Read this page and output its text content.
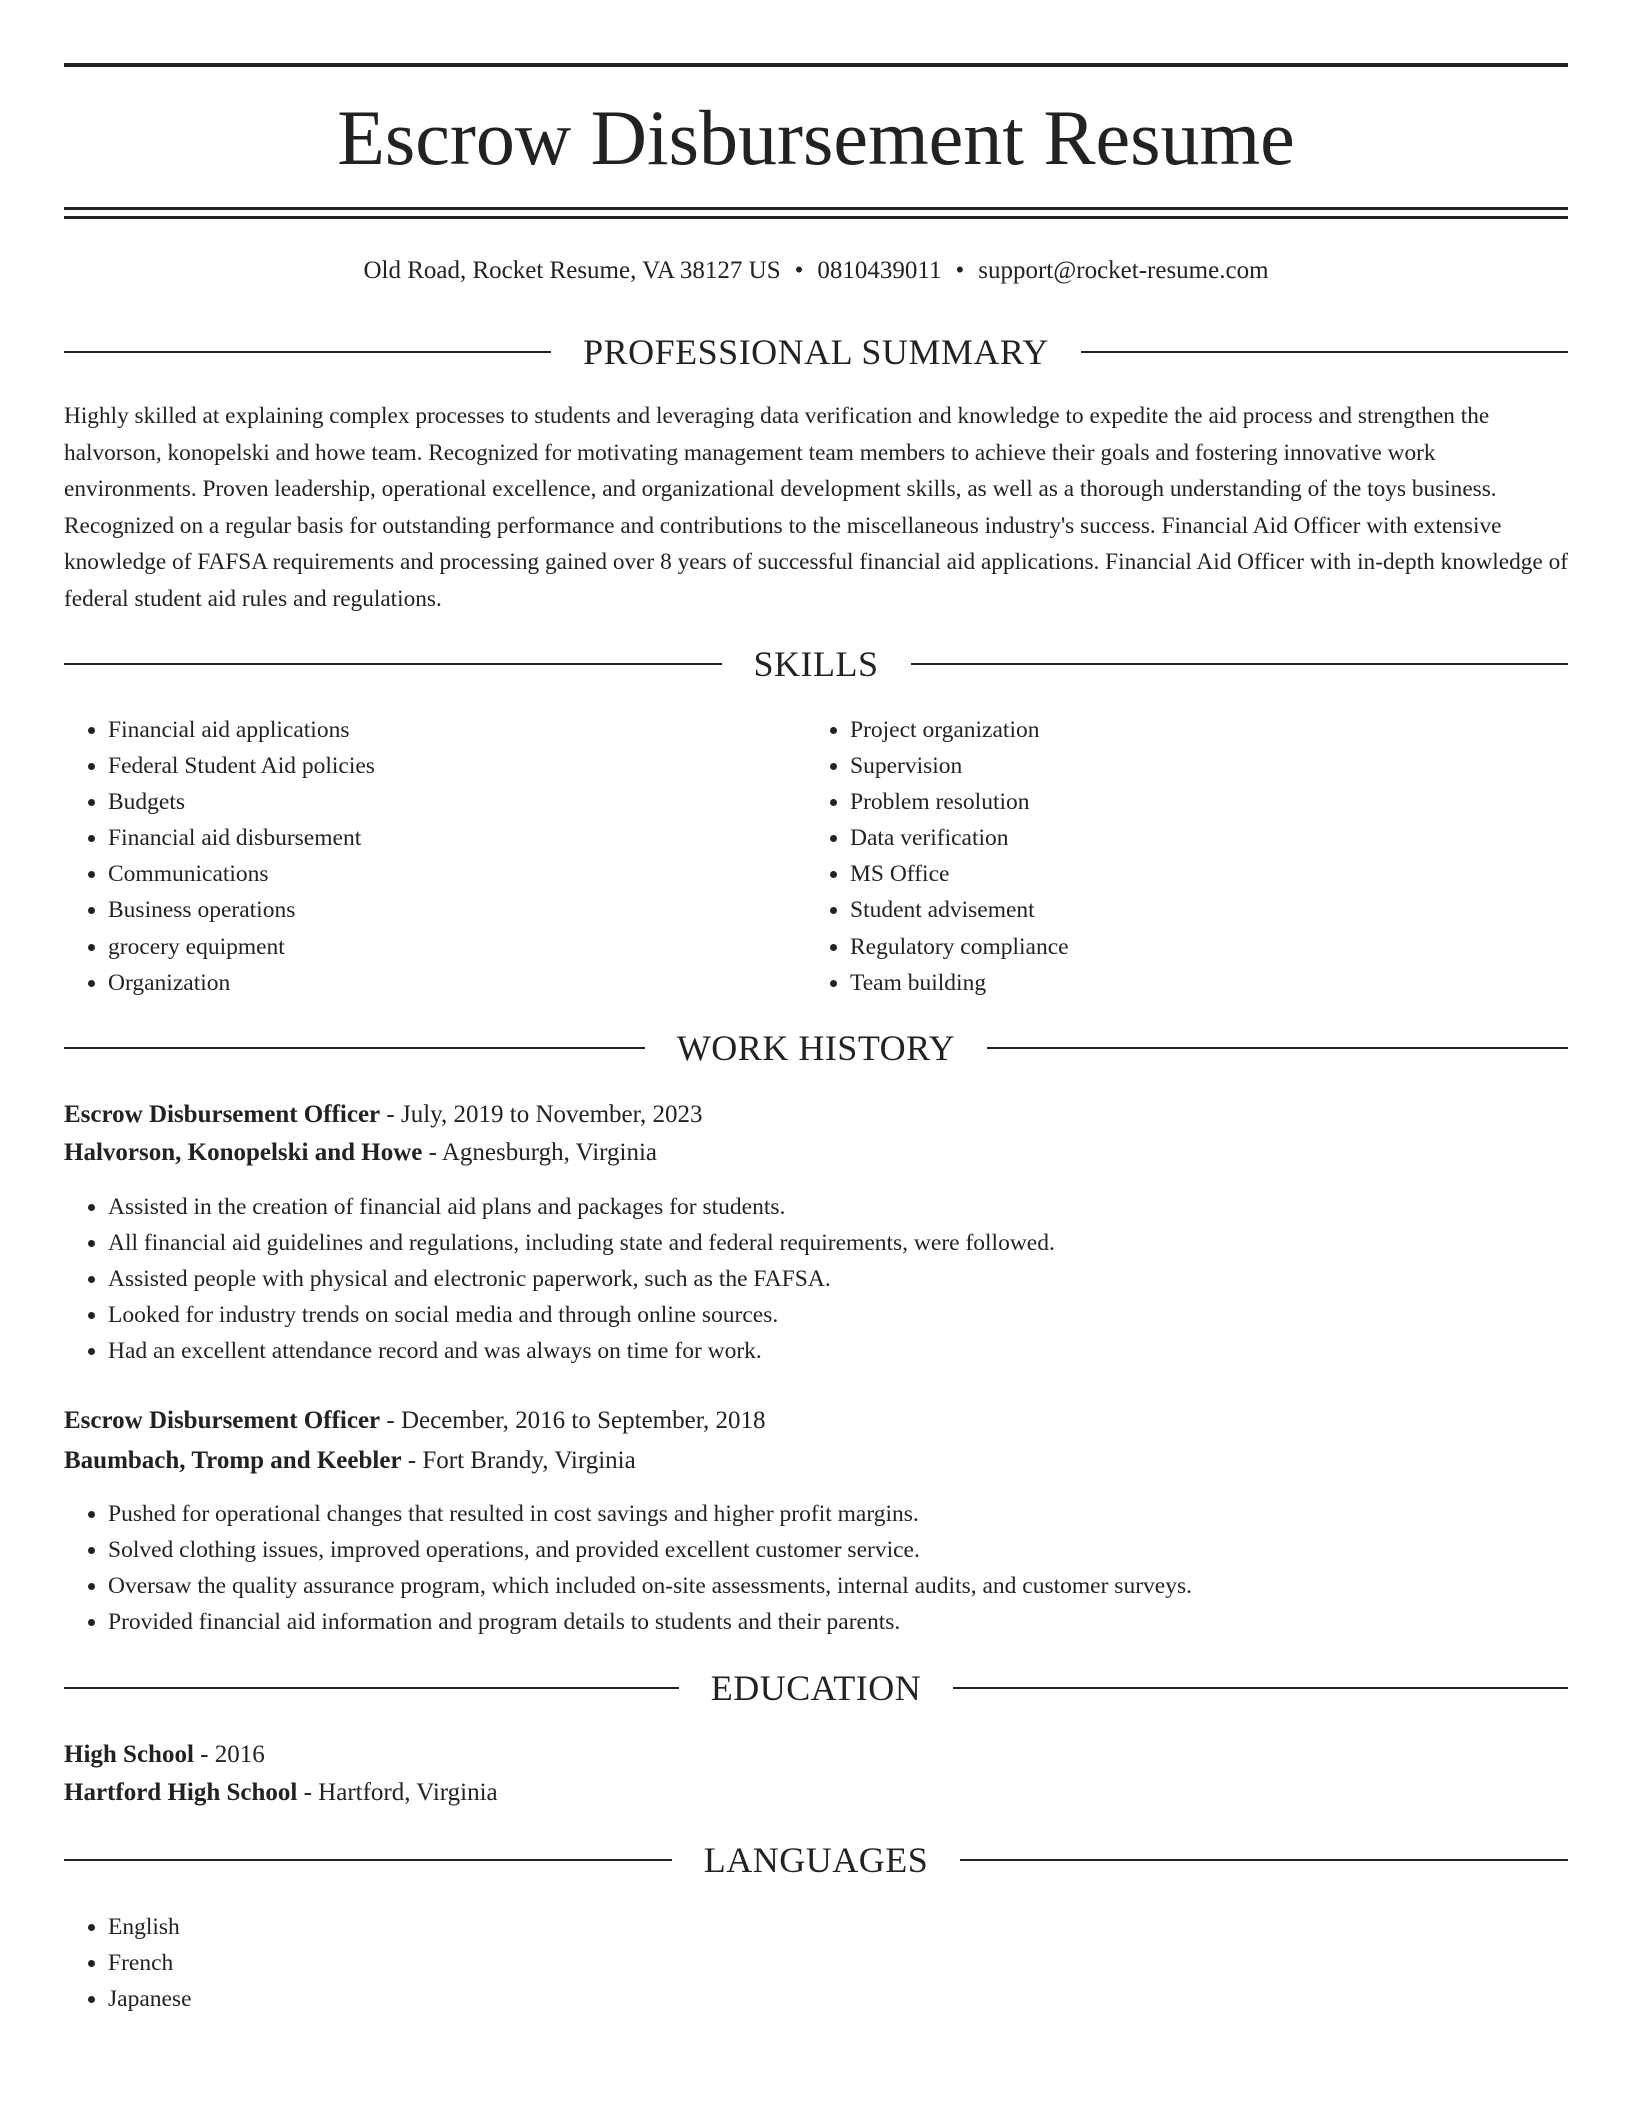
Escrow Disbursement Resume
Old Road, Rocket Resume, VA 38127 US • 0810439011 • support@rocket-resume.com
PROFESSIONAL SUMMARY

Highly skilled at explaining complex processes to students and leveraging data verification and knowledge to expedite the aid process and strengthen the halvorson, konopelski and howe team. Recognized for motivating management team members to achieve their goals and fostering innovative work environments. Proven leadership, operational excellence, and organizational development skills, as well as a thorough understanding of the toys business. Recognized on a regular basis for outstanding performance and contributions to the miscellaneous industry's success. Financial Aid Officer with extensive knowledge of FAFSA requirements and processing gained over 8 years of successful financial aid applications. Financial Aid Officer with in-depth knowledge of federal student aid rules and regulations.

SKILLS
• Financial aid applications
• Federal Student Aid policies
• Budgets
• Financial aid disbursement
• Communications
• Business operations
• grocery equipment
• Organization
• Project organization
• Supervision
• Problem resolution
• Data verification
• MS Office
• Student advisement
• Regulatory compliance
• Team building
WORK HISTORY
Escrow Disbursement Officer - July, 2019 to November, 2023
Halvorson, Konopelski and Howe - Agnesburgh, Virginia
• Assisted in the creation of financial aid plans and packages for students.
• All financial aid guidelines and regulations, including state and federal requirements, were followed.
• Assisted people with physical and electronic paperwork, such as the FAFSA.
• Looked for industry trends on social media and through online sources.
• Had an excellent attendance record and was always on time for work.
Escrow Disbursement Officer - December, 2016 to September, 2018
Baumbach, Tromp and Keebler - Fort Brandy, Virginia
• Pushed for operational changes that resulted in cost savings and higher profit margins.
• Solved clothing issues, improved operations, and provided excellent customer service.
• Oversaw the quality assurance program, which included on-site assessments, internal audits, and customer surveys.
• Provided financial aid information and program details to students and their parents.
EDUCATION
High School - 2016
Hartford High School - Hartford, Virginia
LANGUAGES
• English
• French
• Japanese
